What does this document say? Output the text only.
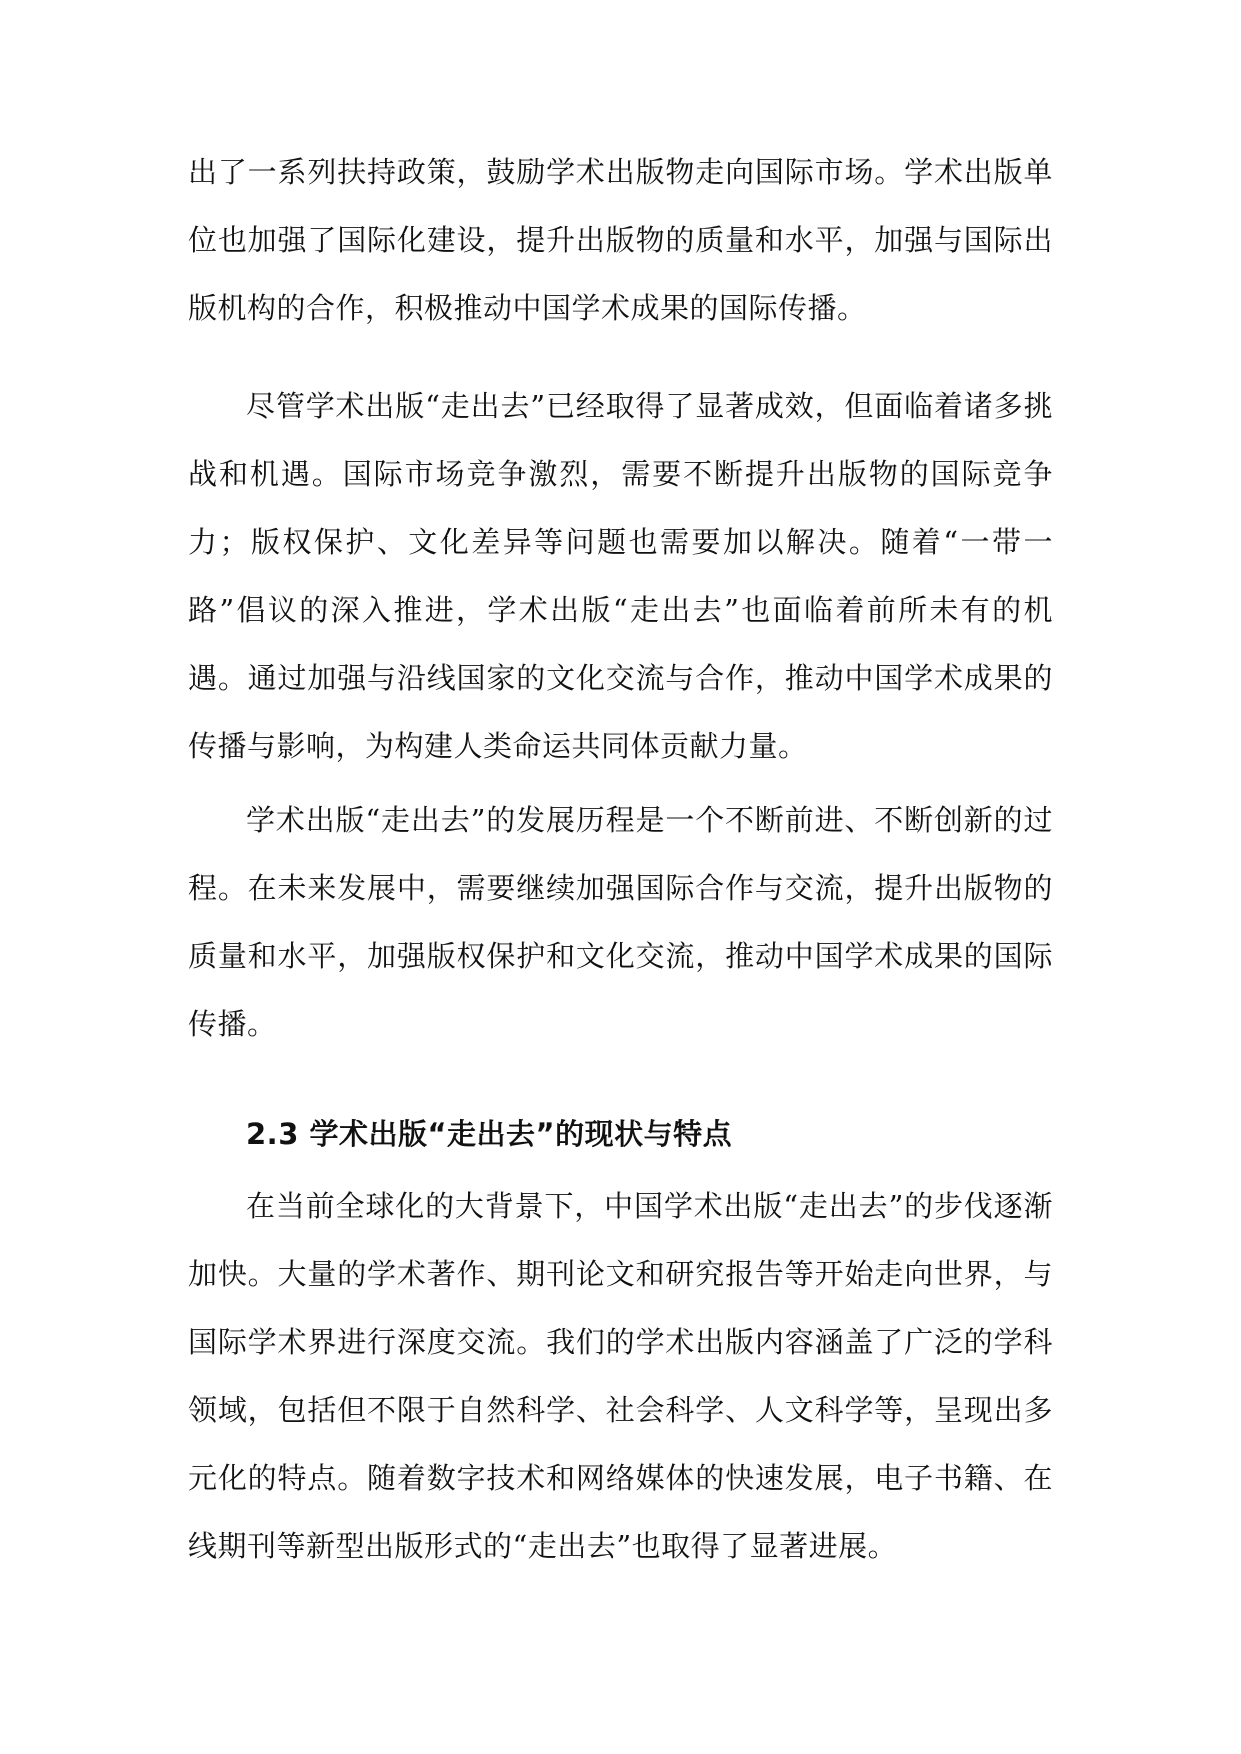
出了一系列扶持政策，鼓励学术出版物走向国际市场。学术出版单位也加强了国际化建设，提升出版物的质量和水平，加强与国际出版机构的合作，积极推动中国学术成果的国际传播。

尽管学术出版“走出去”已经取得了显著成效，但面临着诸多挑战和机遇。国际市场竞争激烈，需要不断提升出版物的国际竞争力；版权保护、文化差异等问题也需要加以解决。随着“一带一路”倡议的深入推进，学术出版“走出去”也面临着前所未有的机遇。通过加强与沿线国家的文化交流与合作，推动中国学术成果的传播与影响，为构建人类命运共同体贡献力量。

学术出版“走出去”的发展历程是一个不断前进、不断创新的过程。在未来发展中，需要继续加强国际合作与交流，提升出版物的质量和水平，加强版权保护和文化交流，推动中国学术成果的国际传播。

2.3 学术出版“走出去”的现状与特点

在当前全球化的大背景下，中国学术出版“走出去”的步伐逐渐加快。大量的学术著作、期刊论文和研究报告等开始走向世界，与国际学术界进行深度交流。我们的学术出版内容涵盖了广泛的学科领域，包括但不限于自然科学、社会科学、人文科学等，呈现出多元化的特点。随着数字技术和网络媒体的快速发展，电子书籍、在线期刊等新型出版形式的“走出去”也取得了显著进展。
